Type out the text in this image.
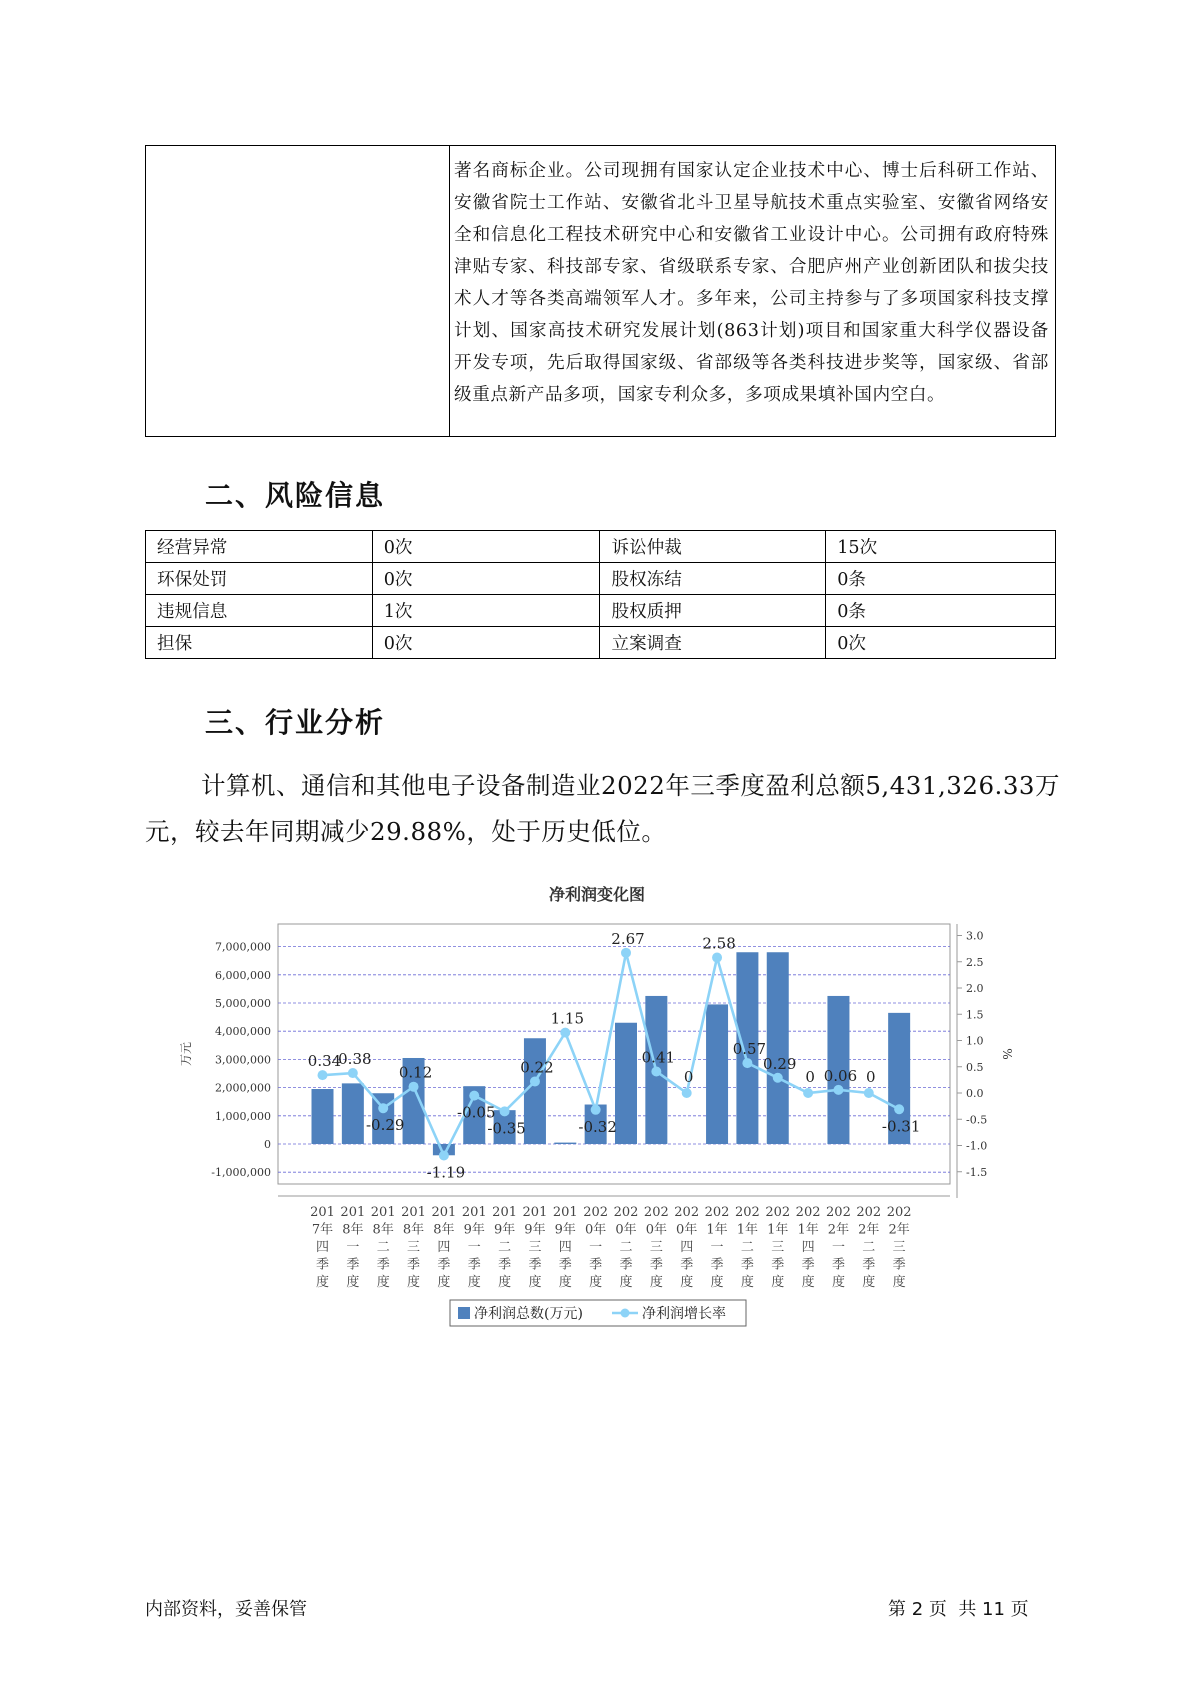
著名商标企业。公司现拥有国家认定企业技术中心、博士后科研工作站、安徽省院士工作站、安徽省北斗卫星导航技术重点实验室、安徽省网络安全和信息化工程技术研究中心和安徽省工业设计中心。公司拥有政府特殊津贴专家、科技部专家、省级联系专家、合肥庐州产业创新团队和拔尖技术人才等各类高端领军人才。多年来，公司主持参与了多项国家科技支撑计划、国家高技术研究发展计划(863计划)项目和国家重大科学仪器设备开发专项，先后取得国家级、省部级等各类科技进步奖等，国家级、省部级重点新产品多项，国家专利众多，多项成果填补国内空白。
二、风险信息
经营异常	0次	诉讼仲裁	15次
环保处罚	0次	股权冻结	0条
违规信息	1次	股权质押	0条
担保	0次	立案调查	0次
三、行业分析
计算机、通信和其他电子设备制造业2022年三季度盈利总额5,431,326.33万元，较去年同期减少29.88%，处于历史低位。
净利润变化图
7,000,000
6,000,000
5,000,000
4,000,000
3,000,000
2,000,000
1,000,000
0
-1,000,000
3.0
2.5
2.0
1.5
1.0
0.5
0.0
-0.5
-1.0
-1.5
万元	%
0.34
0.38
-0.29
0.12
-1.19
-0.05
-0.35
0.22
1.15
-0.32
2.67
0.41
0
2.58
0.57
0.29
0 0.06 0
-0.31
201 7年四季度
201 8年一季度
201 8年二季度
201 8年三季度
201 8年四季度
201 9年一季度
201 9年二季度
201 9年三季度
201 9年四季度
202 0年一季度
202 0年二季度
202 0年三季度
202 0年四季度
202 1年一季度
202 1年二季度
202 1年三季度
202 1年四季度
202 2年一季度
202 2年二季度
202 2年三季度
净利润总数(万元)	净利润增长率
内部资料，妥善保管	第 2 页  共 11 页
